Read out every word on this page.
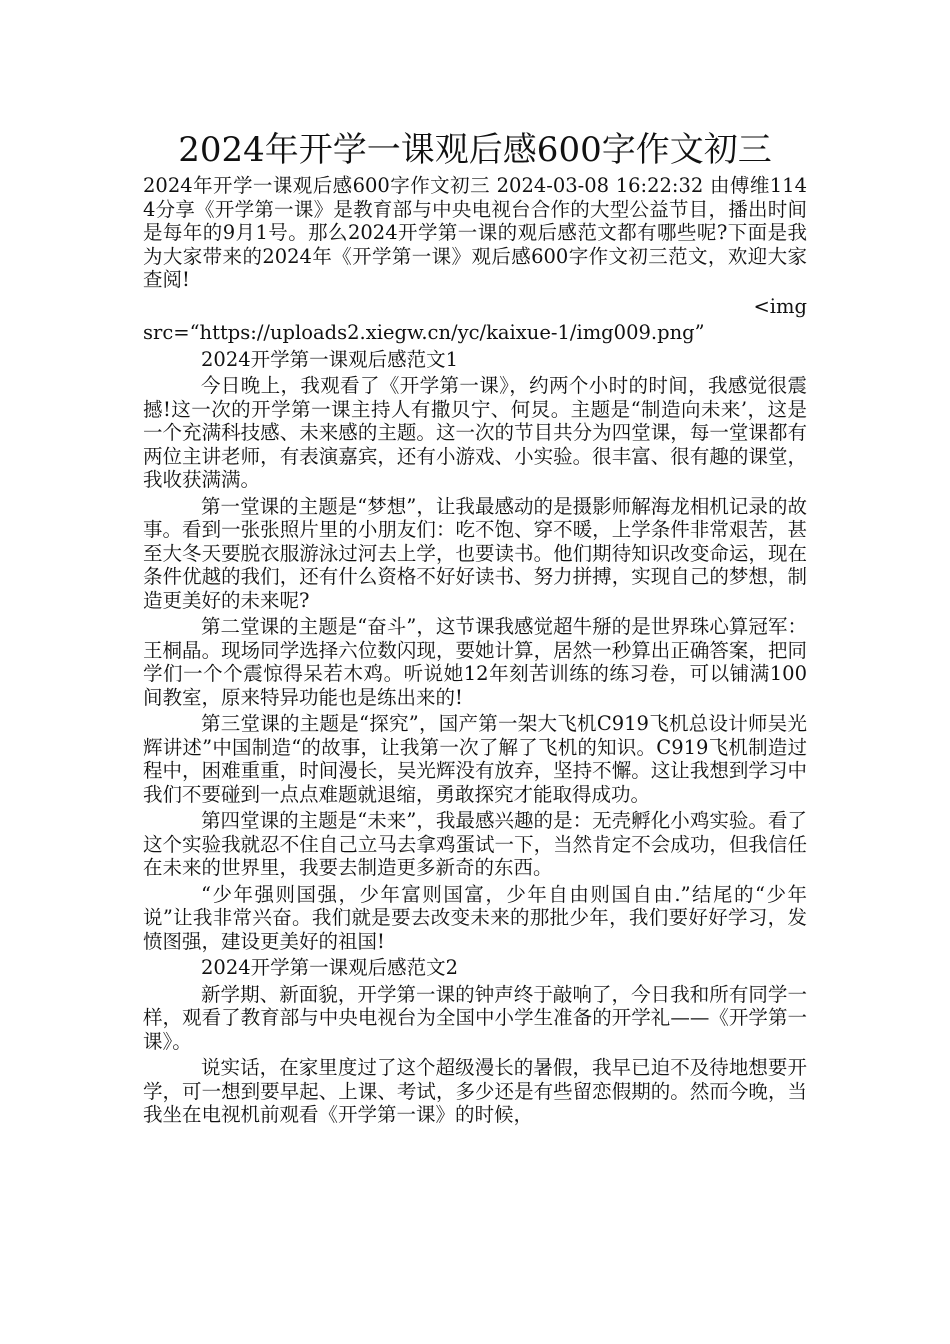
2024年开学一课观后感600字作文初三

2024年开学一课观后感600字作文初三 2024-03-08 16:22:32 由傅维1144分享《开学第一课》是教育部与中央电视台合作的大型公益节目，播出时间是每年的9月1号。那么2024开学第一课的观后感范文都有哪些呢?下面是我为大家带来的2024年《开学第一课》观后感600字作文初三范文，欢迎大家查阅!

<img

src=“https://uploads2.xiegw.cn/yc/kaixue-1/img009.png”

2024开学第一课观后感范文1

今日晚上，我观看了《开学第一课》，约两个小时的时间，我感觉很震撼!这一次的开学第一课主持人有撒贝宁、何炅。主题是“制造向未来’，这是一个充满科技感、未来感的主题。这一次的节目共分为四堂课，每一堂课都有两位主讲老师，有表演嘉宾，还有小游戏、小实验。很丰富、很有趣的课堂，我收获满满。

第一堂课的主题是“梦想”，让我最感动的是摄影师解海龙相机记录的故事。看到一张张照片里的小朋友们：吃不饱、穿不暖，上学条件非常艰苦，甚至大冬天要脱衣服游泳过河去上学，也要读书。他们期待知识改变命运，现在条件优越的我们，还有什么资格不好好读书、努力拼搏，实现自己的梦想，制造更美好的未来呢?

第二堂课的主题是“奋斗”，这节课我感觉超牛掰的是世界珠心算冠军：王桐晶。现场同学选择六位数闪现，要她计算，居然一秒算出正确答案，把同学们一个个震惊得呆若木鸡。听说她12年刻苦训练的练习卷，可以铺满100间教室，原来特异功能也是练出来的!

第三堂课的主题是“探究”，国产第一架大飞机C919飞机总设计师吴光辉讲述”中国制造“的故事，让我第一次了解了飞机的知识。C919飞机制造过程中，困难重重，时间漫长，吴光辉没有放弃，坚持不懈。这让我想到学习中我们不要碰到一点点难题就退缩，勇敢探究才能取得成功。

第四堂课的主题是“未来”，我最感兴趣的是：无壳孵化小鸡实验。看了这个实验我就忍不住自己立马去拿鸡蛋试一下，当然肯定不会成功，但我信任在未来的世界里，我要去制造更多新奇的东西。

“少年强则国强，少年富则国富，少年自由则国自由.”结尾的“少年说”让我非常兴奋。我们就是要去改变未来的那批少年，我们要好好学习，发愤图强，建设更美好的祖国!

2024开学第一课观后感范文2

新学期、新面貌，开学第一课的钟声终于敲响了，今日我和所有同学一样，观看了教育部与中央电视台为全国中小学生准备的开学礼——《开学第一课》。

说实话，在家里度过了这个超级漫长的暑假，我早已迫不及待地想要开学，可一想到要早起、上课、考试，多少还是有些留恋假期的。然而今晚，当我坐在电视机前观看《开学第一课》的时候，
